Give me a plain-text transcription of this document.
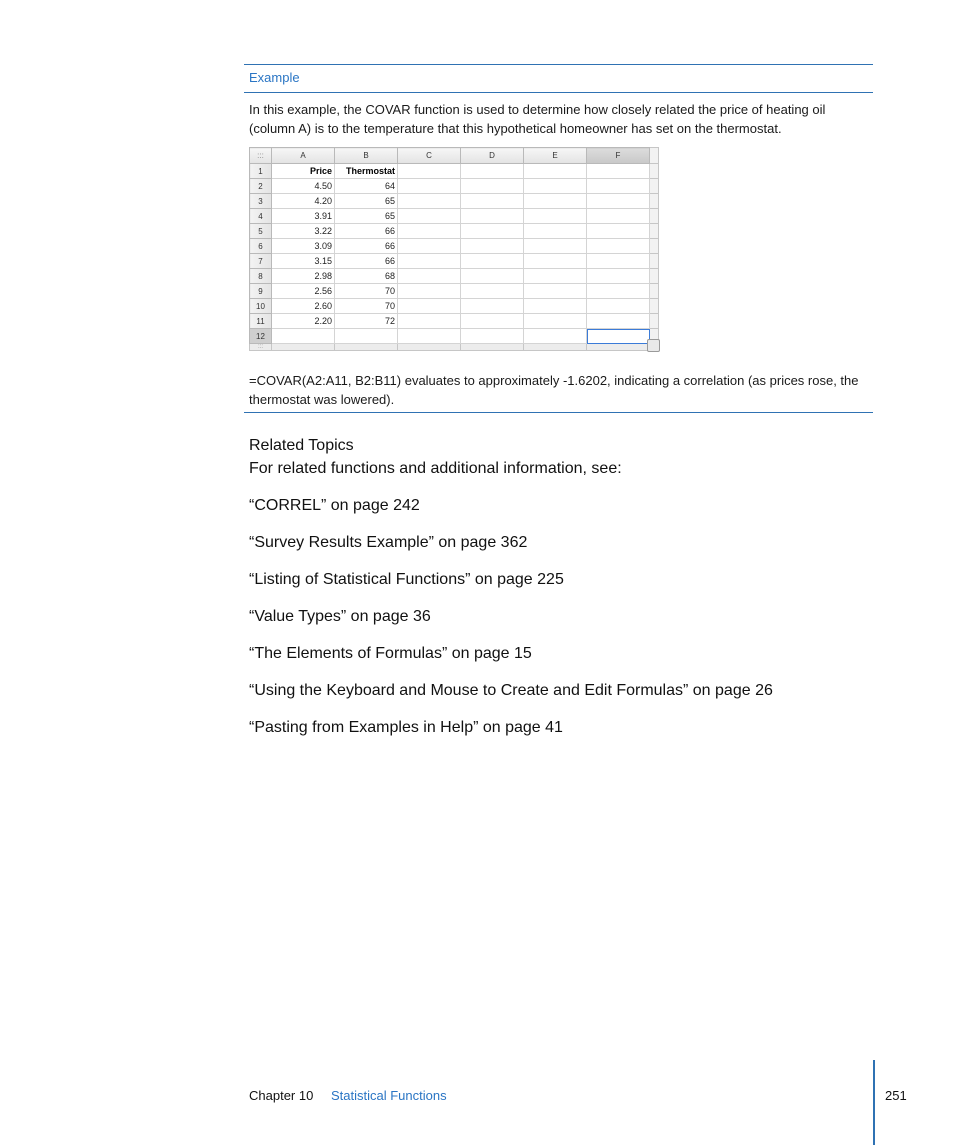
Example
In this example, the COVAR function is used to determine how closely related the price of heating oil (column A) is to the temperature that this hypothetical homeowner has set on the thermostat.
:::	A	B	C	D	E	F	
1	Price	Thermostat					
2	4.50	64					
3	4.20	65					
4	3.91	65					
5	3.22	66					
6	3.09	66					
7	3.15	66					
8	2.98	68					
9	2.56	70					
10	2.60	70					
11	2.20	72					
12							
:::							
=COVAR(A2:A11, B2:B11) evaluates to approximately -1.6202, indicating a correlation (as prices rose, the thermostat was lowered).
Related Topics
For related functions and additional information, see:
“CORREL” on page 242
“Survey Results Example” on page 362
“Listing of Statistical Functions” on page 225
“Value Types” on page 36
“The Elements of Formulas” on page 15
“Using the Keyboard and Mouse to Create and Edit Formulas” on page 26
“Pasting from Examples in Help” on page 41
Chapter 10 Statistical Functions	251
